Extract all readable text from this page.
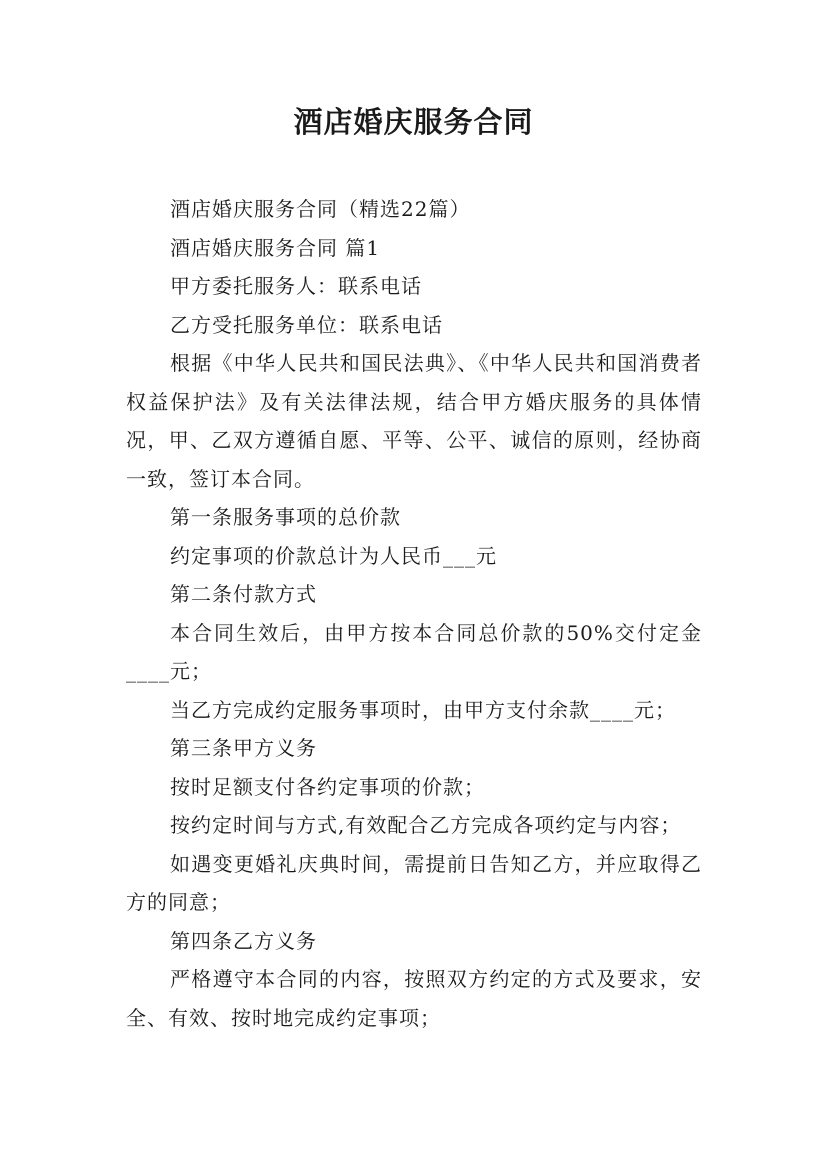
酒店婚庆服务合同

酒店婚庆服务合同（精选22篇）

酒店婚庆服务合同 篇1

甲方委托服务人：联系电话

乙方受托服务单位：联系电话

根据《中华人民共和国民法典》、《中华人民共和国消费者权益保护法》及有关法律法规，结合甲方婚庆服务的具体情况，甲、乙双方遵循自愿、平等、公平、诚信的原则，经协商一致，签订本合同。

第一条服务事项的总价款

约定事项的价款总计为人民币___元

第二条付款方式

本合同生效后，由甲方按本合同总价款的50%交付定金____元；

当乙方完成约定服务事项时，由甲方支付余款____元；

第三条甲方义务

按时足额支付各约定事项的价款；

按约定时间与方式,有效配合乙方完成各项约定与内容；

如遇变更婚礼庆典时间，需提前日告知乙方，并应取得乙方的同意；

第四条乙方义务

严格遵守本合同的内容，按照双方约定的方式及要求，安全、有效、按时地完成约定事项；
